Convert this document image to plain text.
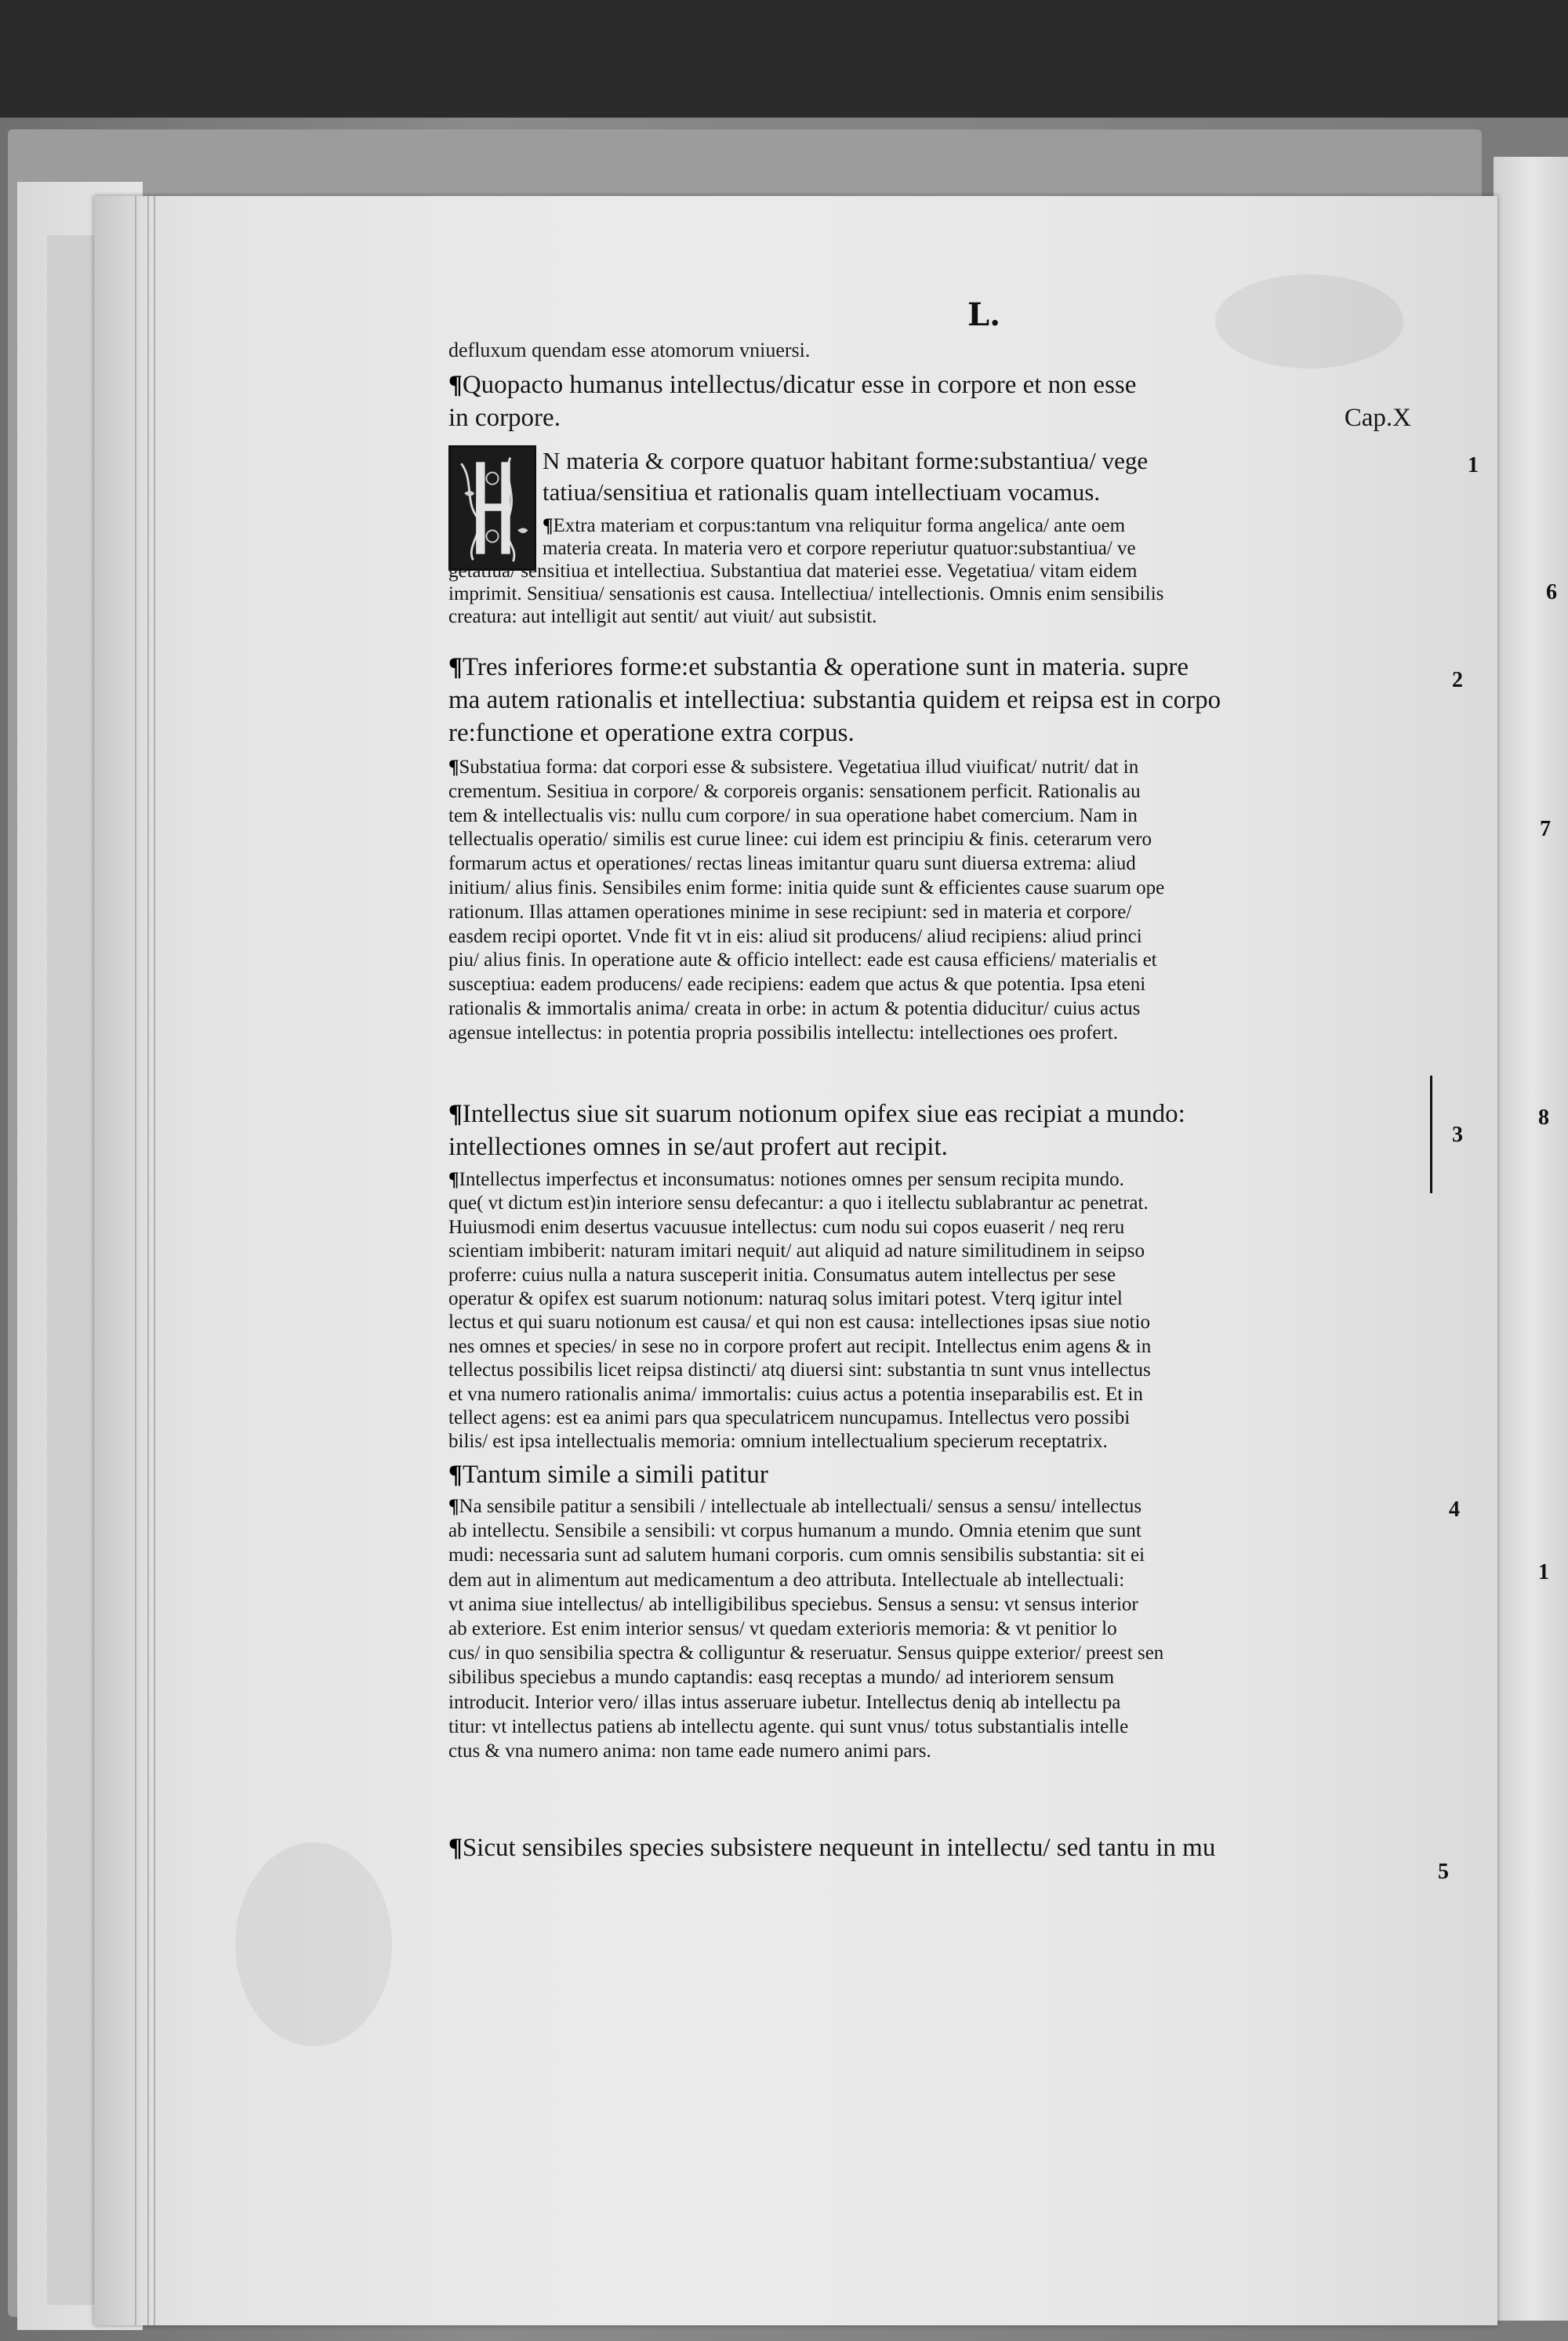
L.
defluxum quendam esse atomorum vniuersi.
¶Quopacto humanus intellectus/dicatur esse in corpore et non esse
in corpore.	Cap.X
N materia & corpore quatuor habitant forme:substantiua/ vege
tatiua/sensitiua et rationalis quam intellectiuam vocamus.
¶Extra materiam et corpus:tantum vna reliquitur forma angelica/ ante oem
materia creata. In materia vero et corpore reperiutur quatuor:substantiua/ ve
getatiua/ sensitiua et intellectiua. Substantiua dat materiei esse. Vegetatiua/ vitam eidem
imprimit. Sensitiua/ sensationis est causa. Intellectiua/ intellectionis. Omnis enim sensibilis
creatura: aut intelligit aut sentit/ aut viuit/ aut subsistit.
¶Tres inferiores forme:et substantia & operatione sunt in materia. supre
ma autem rationalis et intellectiua: substantia quidem et reipsa est in corpo
re:functione et operatione extra corpus.
¶Substatiua forma: dat corpori esse & subsistere. Vegetatiua illud viuificat/ nutrit/ dat in
crementum. Sesitiua in corpore/ & corporeis organis: sensationem perficit. Rationalis au
tem & intellectualis vis: nullu cum corpore/ in sua operatione habet comercium. Nam in
tellectualis operatio/ similis est curue linee: cui idem est principiu & finis. ceterarum vero
formarum actus et operationes/ rectas lineas imitantur quaru sunt diuersa extrema: aliud
initium/ alius finis. Sensibiles enim forme: initia quide sunt & efficientes cause suarum ope
rationum. Illas attamen operationes minime in sese recipiunt: sed in materia et corpore/
easdem recipi oportet. Vnde fit vt in eis: aliud sit producens/ aliud recipiens: aliud princi
piu/ alius finis. In operatione aute & officio intellect: eade est causa efficiens/ materialis et
susceptiua: eadem producens/ eade recipiens: eadem que actus & que potentia. Ipsa eteni
rationalis & immortalis anima/ creata in orbe: in actum & potentia diducitur/ cuius actus
agensue intellectus: in potentia propria possibilis intellectu: intellectiones oes profert.
¶Intellectus siue sit suarum notionum opifex siue eas recipiat a mundo:
intellectiones omnes in se/aut profert aut recipit.
¶Intellectus imperfectus et inconsumatus: notiones omnes per sensum recipita mundo.
que( vt dictum est)in interiore sensu defecantur: a quo i itellectu sublabrantur ac penetrat.
Huiusmodi enim desertus vacuusue intellectus: cum nodu sui copos euaserit / neq reru
scientiam imbiberit: naturam imitari nequit/ aut aliquid ad nature similitudinem in seipso
proferre: cuius nulla a natura susceperit initia. Consumatus autem intellectus per sese
operatur & opifex est suarum notionum: naturaq solus imitari potest. Vterq igitur intel
lectus et qui suaru notionum est causa/ et qui non est causa: intellectiones ipsas siue notio
nes omnes et species/ in sese no in corpore profert aut recipit. Intellectus enim agens & in
tellectus possibilis licet reipsa distincti/ atq diuersi sint: substantia tn sunt vnus intellectus
et vna numero rationalis anima/ immortalis: cuius actus a potentia inseparabilis est. Et in
tellect agens: est ea animi pars qua speculatricem nuncupamus. Intellectus vero possibi
bilis/ est ipsa intellectualis memoria: omnium intellectualium specierum receptatrix.
¶Tantum simile a simili patitur
¶Na sensibile patitur a sensibili / intellectuale ab intellectuali/ sensus a sensu/ intellectus
ab intellectu. Sensibile a sensibili: vt corpus humanum a mundo. Omnia etenim que sunt
mudi: necessaria sunt ad salutem humani corporis. cum omnis sensibilis substantia: sit ei
dem aut in alimentum aut medicamentum a deo attributa. Intellectuale ab intellectuali:
vt anima siue intellectus/ ab intelligibilibus speciebus. Sensus a sensu: vt sensus interior
ab exteriore. Est enim interior sensus/ vt quedam exterioris memoria: & vt penitior lo
cus/ in quo sensibilia spectra & colliguntur & reseruatur. Sensus quippe exterior/ preest sen
sibilibus speciebus a mundo captandis: easq receptas a mundo/ ad interiorem sensum
introducit. Interior vero/ illas intus asseruare iubetur. Intellectus deniq ab intellectu pa
titur: vt intellectus patiens ab intellectu agente. qui sunt vnus/ totus substantialis intelle
ctus & vna numero anima: non tame eade numero animi pars.
¶Sicut sensibiles species subsistere nequeunt in intellectu/ sed tantu in mu
1
6
2
7
8
3
4
1
5
